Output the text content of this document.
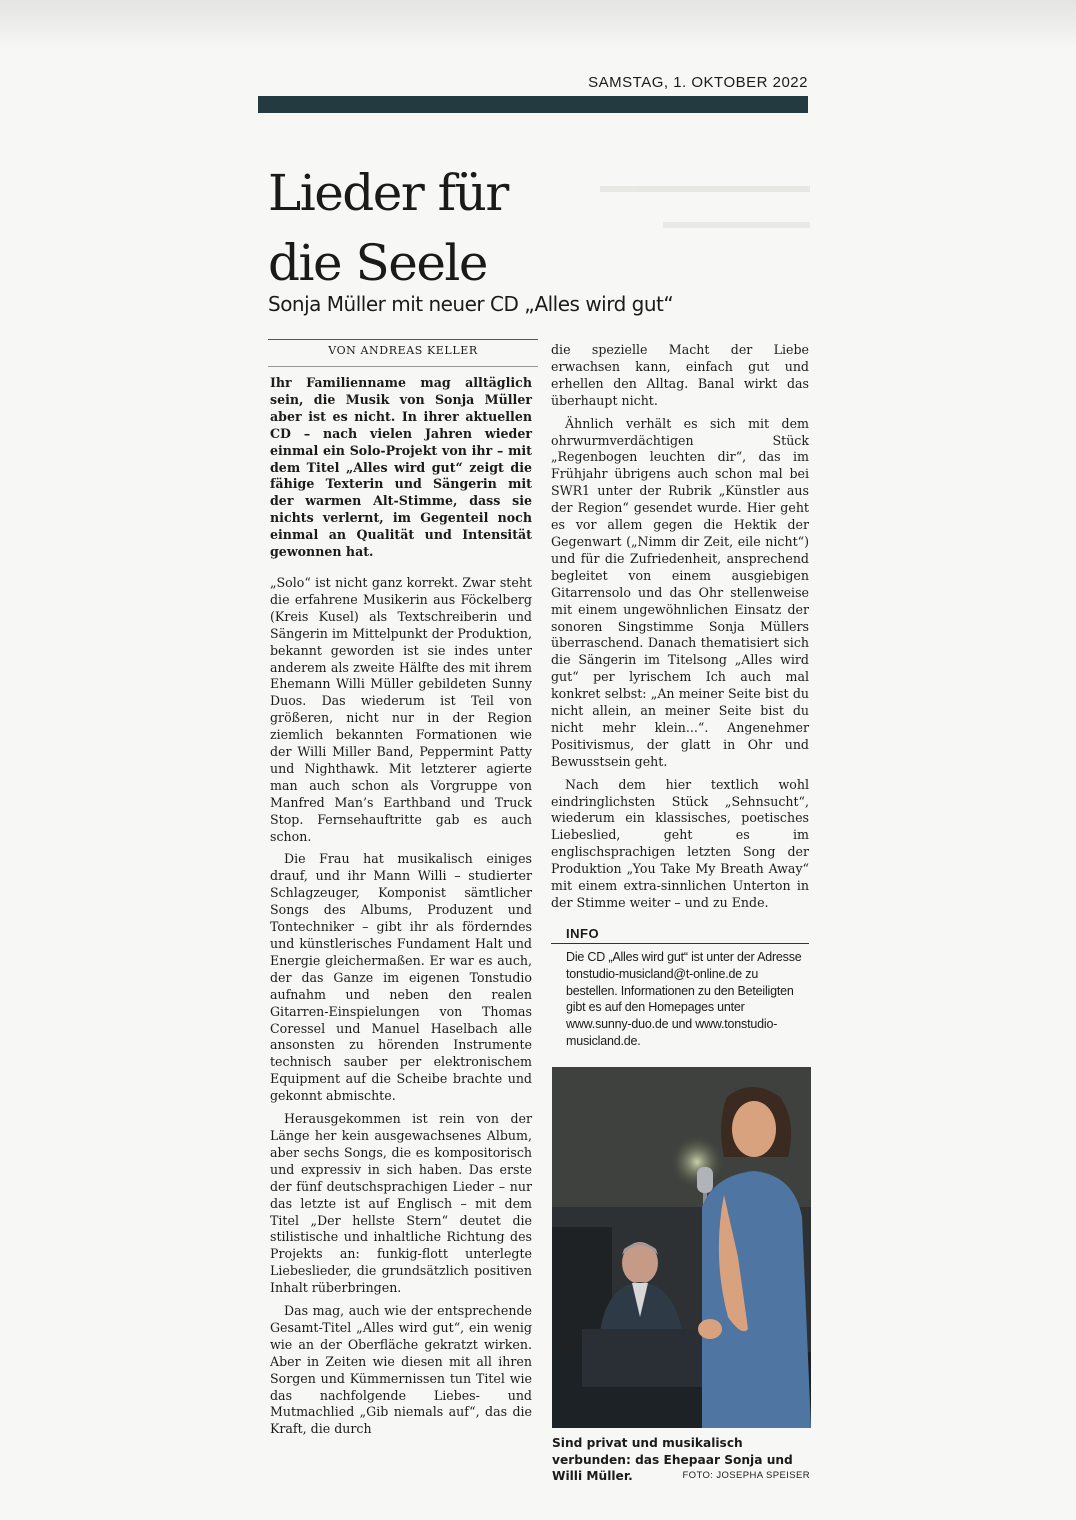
SAMSTAG, 1. OKTOBER 2022
Lieder für
die Seele
Sonja Müller mit neuer CD „Alles wird gut“
VON ANDREAS KELLER

Ihr Familienname mag alltäglich sein, die Musik von Sonja Müller aber ist es nicht. In ihrer aktuellen CD – nach vielen Jahren wieder einmal ein Solo-Projekt von ihr – mit dem Titel „Alles wird gut“ zeigt die fähige Texterin und Sängerin mit der warmen Alt-Stimme, dass sie nichts verlernt, im Gegenteil noch einmal an Qualität und Intensität gewonnen hat.

„Solo“ ist nicht ganz korrekt. Zwar steht die erfahrene Musikerin aus Föckelberg (Kreis Kusel) als Textschreiberin und Sängerin im Mittelpunkt der Produktion, bekannt geworden ist sie indes unter anderem als zweite Hälfte des mit ihrem Ehemann Willi Müller gebildeten Sunny Duos. Das wiederum ist Teil von größeren, nicht nur in der Region ziemlich bekannten Formationen wie der Willi Miller Band, Peppermint Patty und Nighthawk. Mit letzterer agierte man auch schon als Vorgruppe von Manfred Man’s Earthband und Truck Stop. Fernsehauftritte gab es auch schon.

Die Frau hat musikalisch einiges drauf, und ihr Mann Willi – studierter Schlagzeuger, Komponist sämtlicher Songs des Albums, Produzent und Tontechniker – gibt ihr als förderndes und künstlerisches Fundament Halt und Energie gleichermaßen. Er war es auch, der das Ganze im eigenen Tonstudio aufnahm und neben den realen Gitarren-Einspielungen von Thomas Coressel und Manuel Haselbach alle ansonsten zu hörenden Instrumente technisch sauber per elektronischem Equipment auf die Scheibe brachte und gekonnt abmischte.

Herausgekommen ist rein von der Länge her kein ausgewachsenes Album, aber sechs Songs, die es kompositorisch und expressiv in sich haben. Das erste der fünf deutschsprachigen Lieder – nur das letzte ist auf Englisch – mit dem Titel „Der hellste Stern“ deutet die stilistische und inhaltliche Richtung des Projekts an: funkig-flott unterlegte Liebeslieder, die grundsätzlich positiven Inhalt rüberbringen.

Das mag, auch wie der entsprechende Gesamt-Titel „Alles wird gut“, ein wenig wie an der Oberfläche gekratzt wirken. Aber in Zeiten wie diesen mit all ihren Sorgen und Kümmernissen tun Titel wie das nachfolgende Liebes- und Mutmachlied „Gib niemals auf“, das die Kraft, die durch

die spezielle Macht der Liebe erwachsen kann, einfach gut und erhellen den Alltag. Banal wirkt das überhaupt nicht.

Ähnlich verhält es sich mit dem ohrwurmverdächtigen Stück „Regenbogen leuchten dir“, das im Frühjahr übrigens auch schon mal bei SWR1 unter der Rubrik „Künstler aus der Region“ gesendet wurde. Hier geht es vor allem gegen die Hektik der Gegenwart („Nimm dir Zeit, eile nicht“) und für die Zufriedenheit, ansprechend begleitet von einem ausgiebigen Gitarrensolo und das Ohr stellenweise mit einem ungewöhnlichen Einsatz der sonoren Singstimme Sonja Müllers überraschend. Danach thematisiert sich die Sängerin im Titelsong „Alles wird gut“ per lyrischem Ich auch mal konkret selbst: „An meiner Seite bist du nicht allein, an meiner Seite bist du nicht mehr klein...“. Angenehmer Positivismus, der glatt in Ohr und Bewusstsein geht.

Nach dem hier textlich wohl eindringlichsten Stück „Sehnsucht“, wiederum ein klassisches, poetisches Liebeslied, geht es im englischsprachigen letzten Song der Produktion „You Take My Breath Away“ mit einem extra-sinnlichen Unterton in der Stimme weiter – und zu Ende.

INFO
Die CD „Alles wird gut“ ist unter der Adresse tonstudio-musicland@t-online.de zu bestellen. Informationen zu den Beteiligten gibt es auf den Homepages unter www.sunny-duo.de und www.tonstudio-musicland.de.
Sind privat und musikalisch verbunden: das Ehepaar Sonja und Willi Müller.	FOTO: JOSEPHA SPEISER
